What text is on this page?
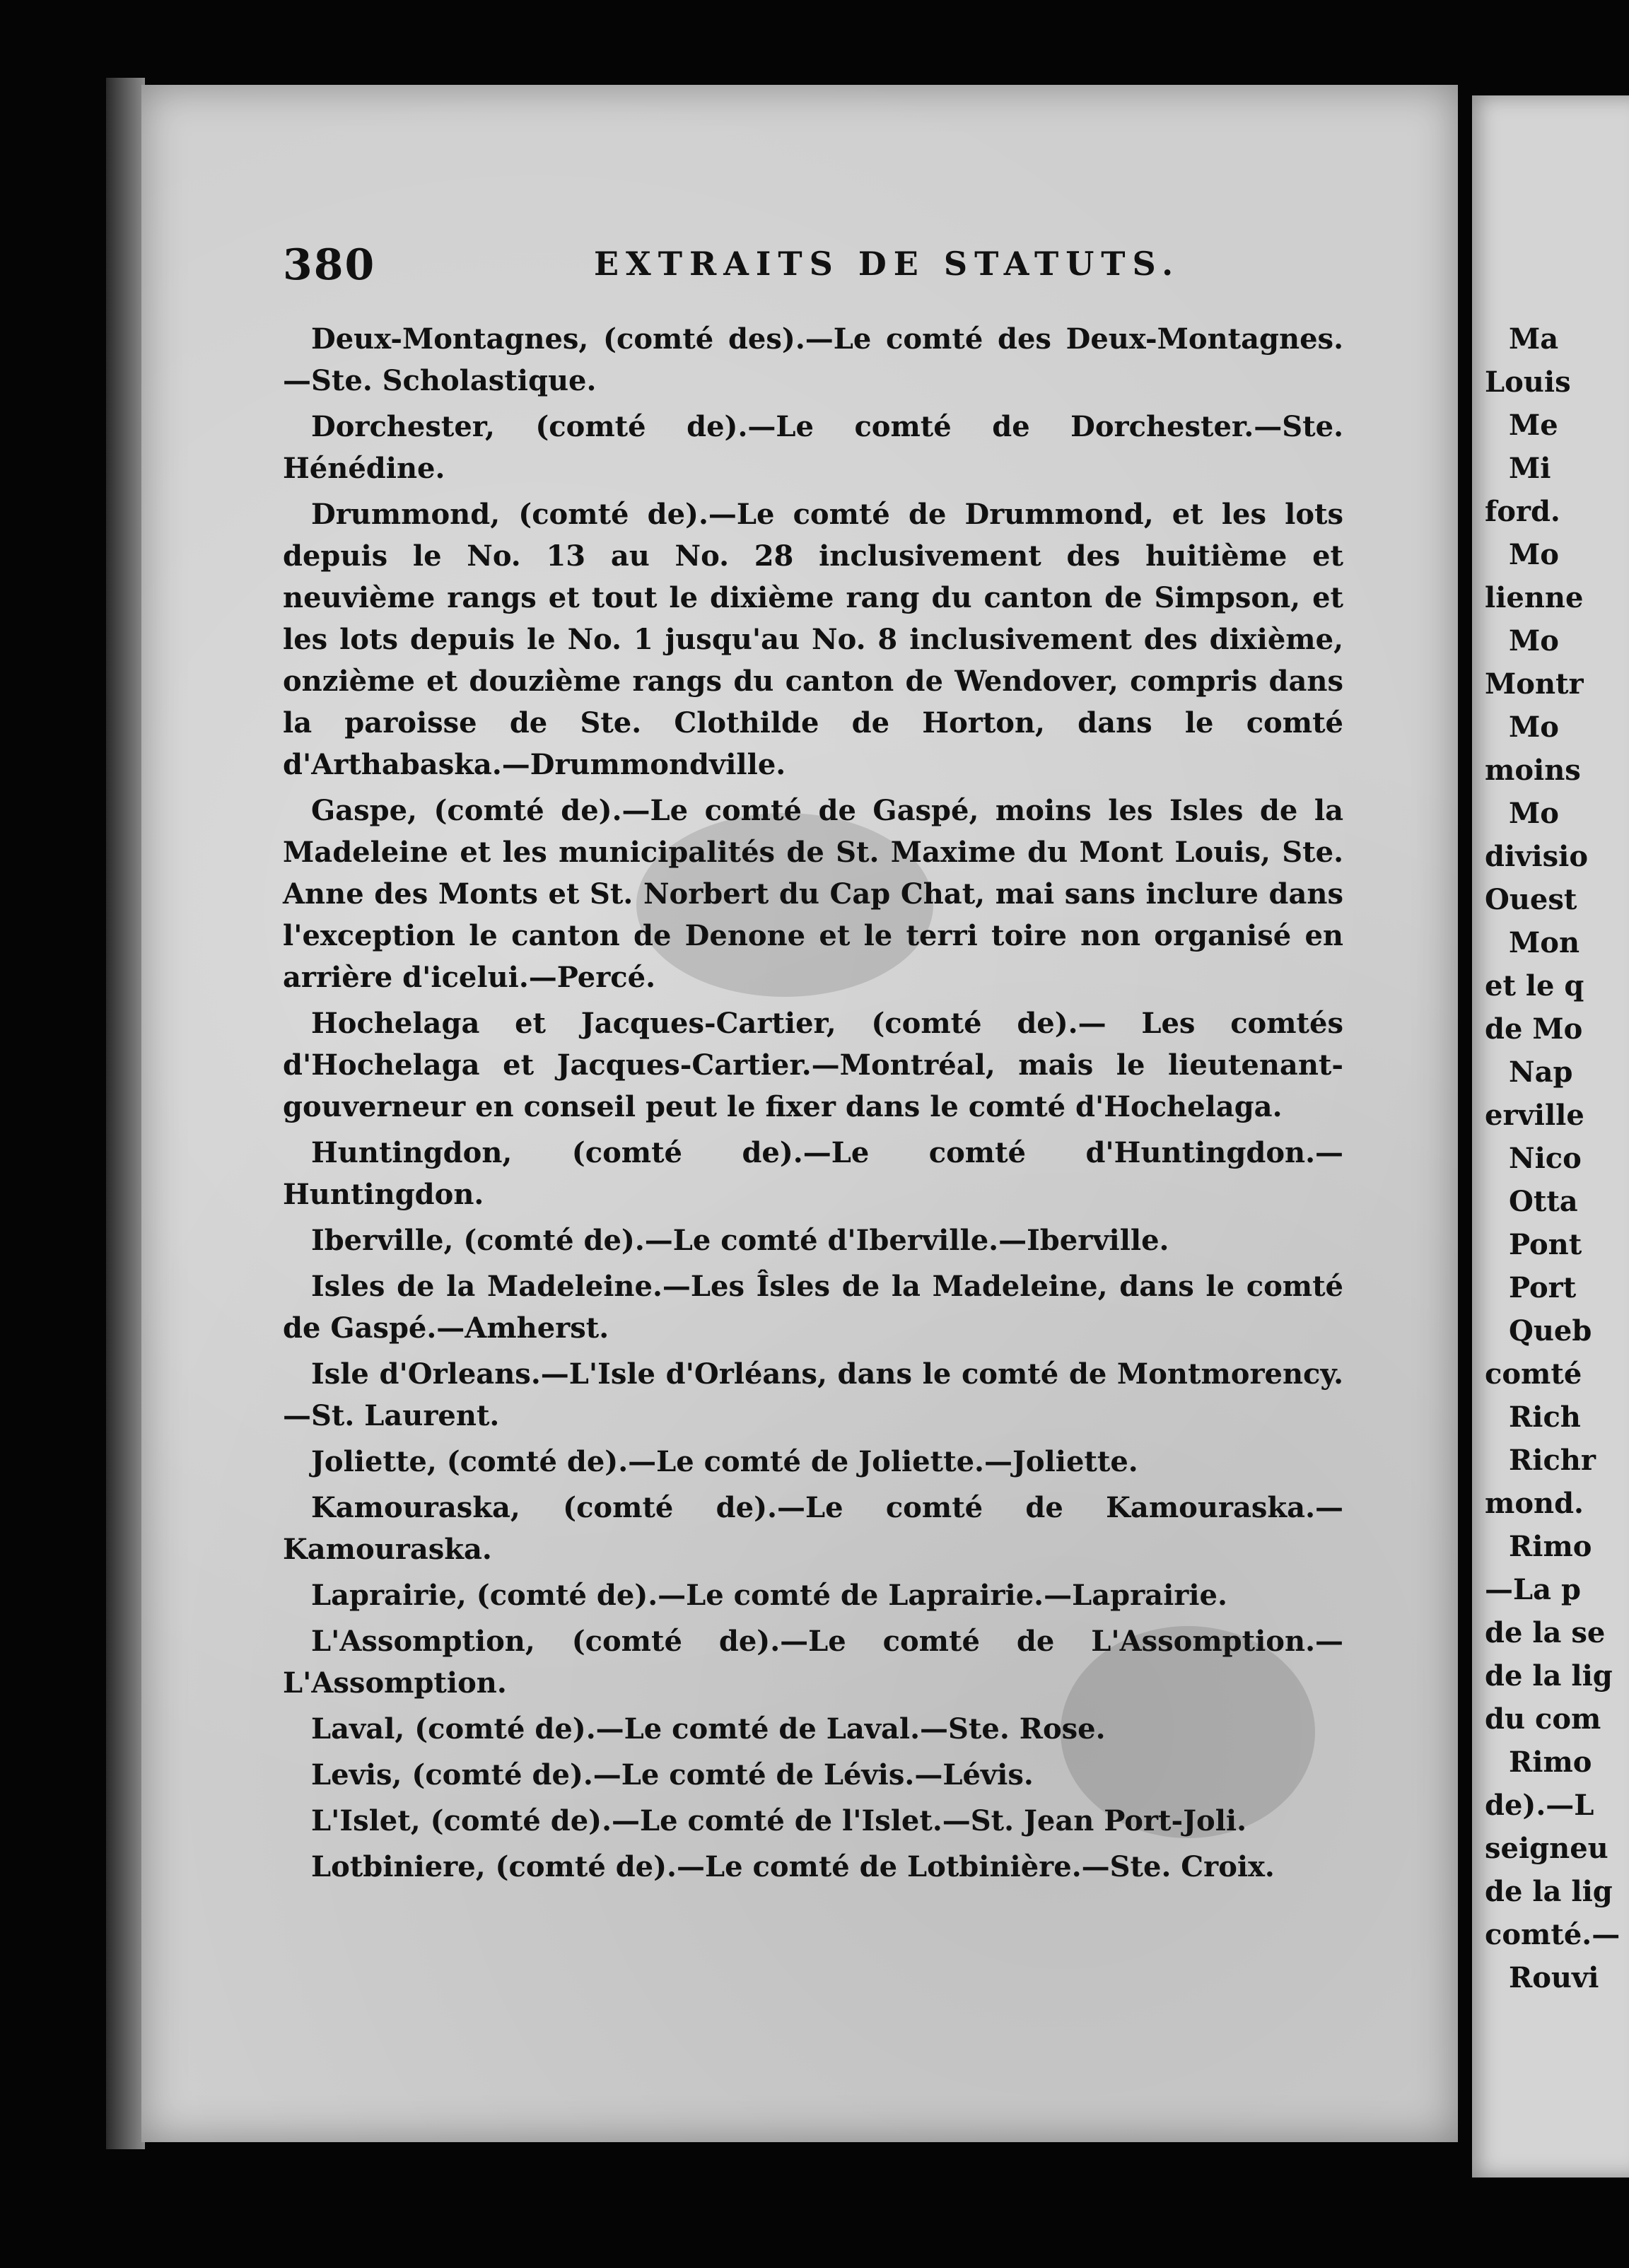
380	EXTRAITS DE STATUTS.

Deux-Montagnes, (comté des).—Le comté des Deux-Montagnes.—Ste. Scholastique.

Dorchester, (comté de).—Le comté de Dorchester.—Ste. Hénédine.

Drummond, (comté de).—Le comté de Drummond, et les lots depuis le No. 13 au No. 28 inclusivement des huitième et neuvième rangs et tout le dixième rang du canton de Simpson, et les lots depuis le No. 1 jusqu'au No. 8 inclusivement des dixième, onzième et douzième rangs du canton de Wendover, compris dans la paroisse de Ste. Clothilde de Horton, dans le comté d'Arthabaska.—Drummondville.

Gaspe, (comté de).—Le comté de Gaspé, moins les Isles de la Madeleine et les municipalités de St. Maxime du Mont Louis, Ste. Anne des Monts et St. Norbert du Cap Chat, mai sans inclure dans l'exception le canton de Denone et le terri toire non organisé en arrière d'icelui.—Percé.

Hochelaga et Jacques-Cartier, (comté de).— Les comtés d'Hochelaga et Jacques-Cartier.—Montréal, mais le lieutenant-gouverneur en conseil peut le fixer dans le comté d'Hochelaga.

Huntingdon, (comté de).—Le comté d'Huntingdon.—Huntingdon.

Iberville, (comté de).—Le comté d'Iberville.—Iberville.

Isles de la Madeleine.—Les Îsles de la Madeleine, dans le comté de Gaspé.—Amherst.

Isle d'Orleans.—L'Isle d'Orléans, dans le comté de Montmorency.—St. Laurent.

Joliette, (comté de).—Le comté de Joliette.—Joliette.

Kamouraska, (comté de).—Le comté de Kamouraska.—Kamouraska.

Laprairie, (comté de).—Le comté de Laprairie.—Laprairie.

L'Assomption, (comté de).—Le comté de L'Assomption.—L'Assomption.

Laval, (comté de).—Le comté de Laval.—Ste. Rose.

Levis, (comté de).—Le comté de Lévis.—Lévis.

L'Islet, (comté de).—Le comté de l'Islet.—St. Jean Port-Joli.

Lotbiniere, (comté de).—Le comté de Lotbinière.—Ste. Croix.

Ma
Louis
Me
Mi
ford.
Mo
lienne
Mo
Montr
Mo
moins
Mo
divisio
Ouest
Mon
et le q
de Mo
Nap
erville
Nico
Otta
Pont
Port
Queb
comté
Rich
Richr
mond.
Rimo
—La p
de la se
de la lig
du com
Rimo
de).—L
seigneu
de la lig
comté.—
Rouvi
